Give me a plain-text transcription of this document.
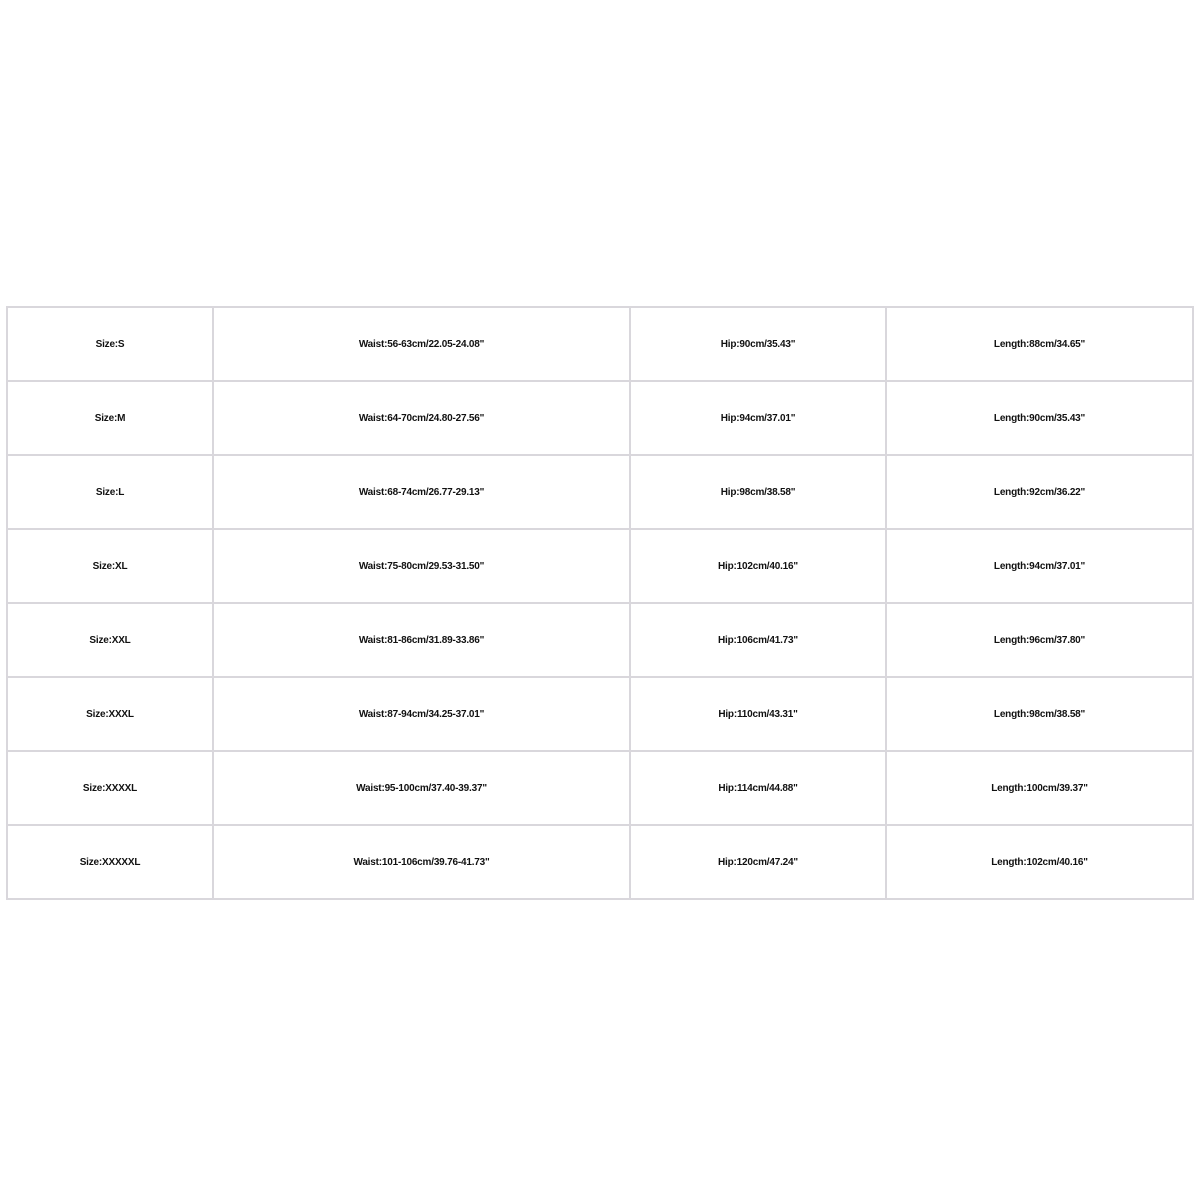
Size:S	Waist:56-63cm/22.05-24.08"	Hip:90cm/35.43"	Length:88cm/34.65"
Size:M	Waist:64-70cm/24.80-27.56"	Hip:94cm/37.01"	Length:90cm/35.43"
Size:L	Waist:68-74cm/26.77-29.13"	Hip:98cm/38.58"	Length:92cm/36.22"
Size:XL	Waist:75-80cm/29.53-31.50"	Hip:102cm/40.16"	Length:94cm/37.01"
Size:XXL	Waist:81-86cm/31.89-33.86"	Hip:106cm/41.73"	Length:96cm/37.80"
Size:XXXL	Waist:87-94cm/34.25-37.01"	Hip:110cm/43.31"	Length:98cm/38.58"
Size:XXXXL	Waist:95-100cm/37.40-39.37"	Hip:114cm/44.88"	Length:100cm/39.37"
Size:XXXXXL	Waist:101-106cm/39.76-41.73"	Hip:120cm/47.24"	Length:102cm/40.16"
